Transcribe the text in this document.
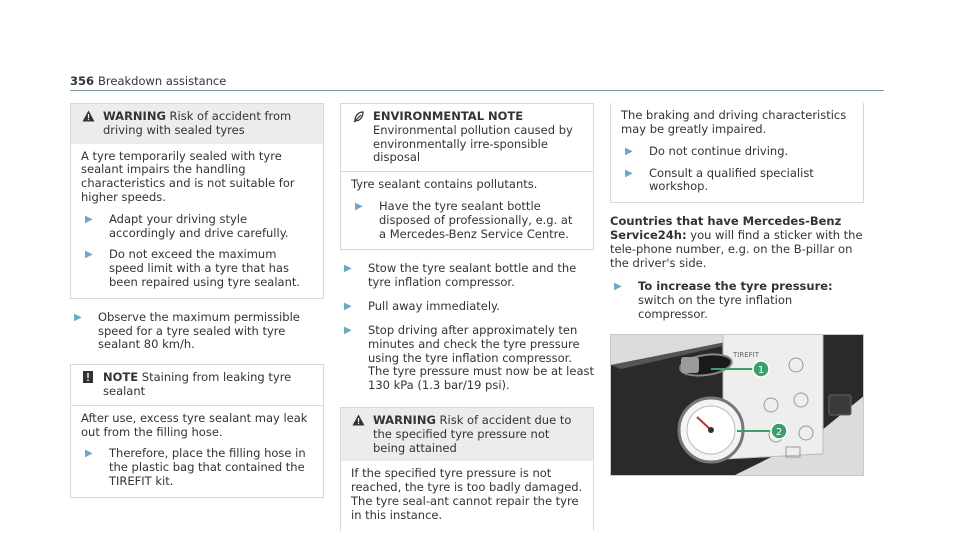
356 Breakdown assistance
WARNING Risk of accident from driving with sealed tyres

A tyre temporarily sealed with tyre sealant impairs the handling characteristics and is not suitable for higher speeds.

▶ Adapt your driving style accordingly and drive carefully.
▶ Do not exceed the maximum speed limit with a tyre that has been repaired using tyre sealant.
▶ Observe the maximum permissible speed for a tyre sealed with tyre sealant 80 km/h.
NOTE Staining from leaking tyre sealant

After use, excess tyre sealant may leak out from the filling hose.

▶ Therefore, place the filling hose in the plastic bag that contained the TIREFIT kit.
ENVIRONMENTAL NOTE Environmental pollution caused by environmentally irre-sponsible disposal

Tyre sealant contains pollutants.

▶ Have the tyre sealant bottle disposed of professionally, e.g. at a Mercedes-Benz Service Centre.
▶ Stow the tyre sealant bottle and the tyre inflation compressor.
▶ Pull away immediately.
▶ Stop driving after approximately ten minutes and check the tyre pressure using the tyre inflation compressor.
The tyre pressure must now be at least 130 kPa (1.3 bar/19 psi).
WARNING Risk of accident due to the specified tyre pressure not being attained

If the specified tyre pressure is not reached, the tyre is too badly damaged. The tyre seal-ant cannot repair the tyre in this instance.

The braking and driving characteristics may be greatly impaired.

▶ Do not continue driving.
▶ Consult a qualified specialist workshop.

Countries that have Mercedes-Benz Service24h: you will find a sticker with the tele-phone number, e.g. on the B-pillar on the driver's side.

▶ To increase the tyre pressure: switch on the tyre inflation compressor.
TIREFIT
1
2
